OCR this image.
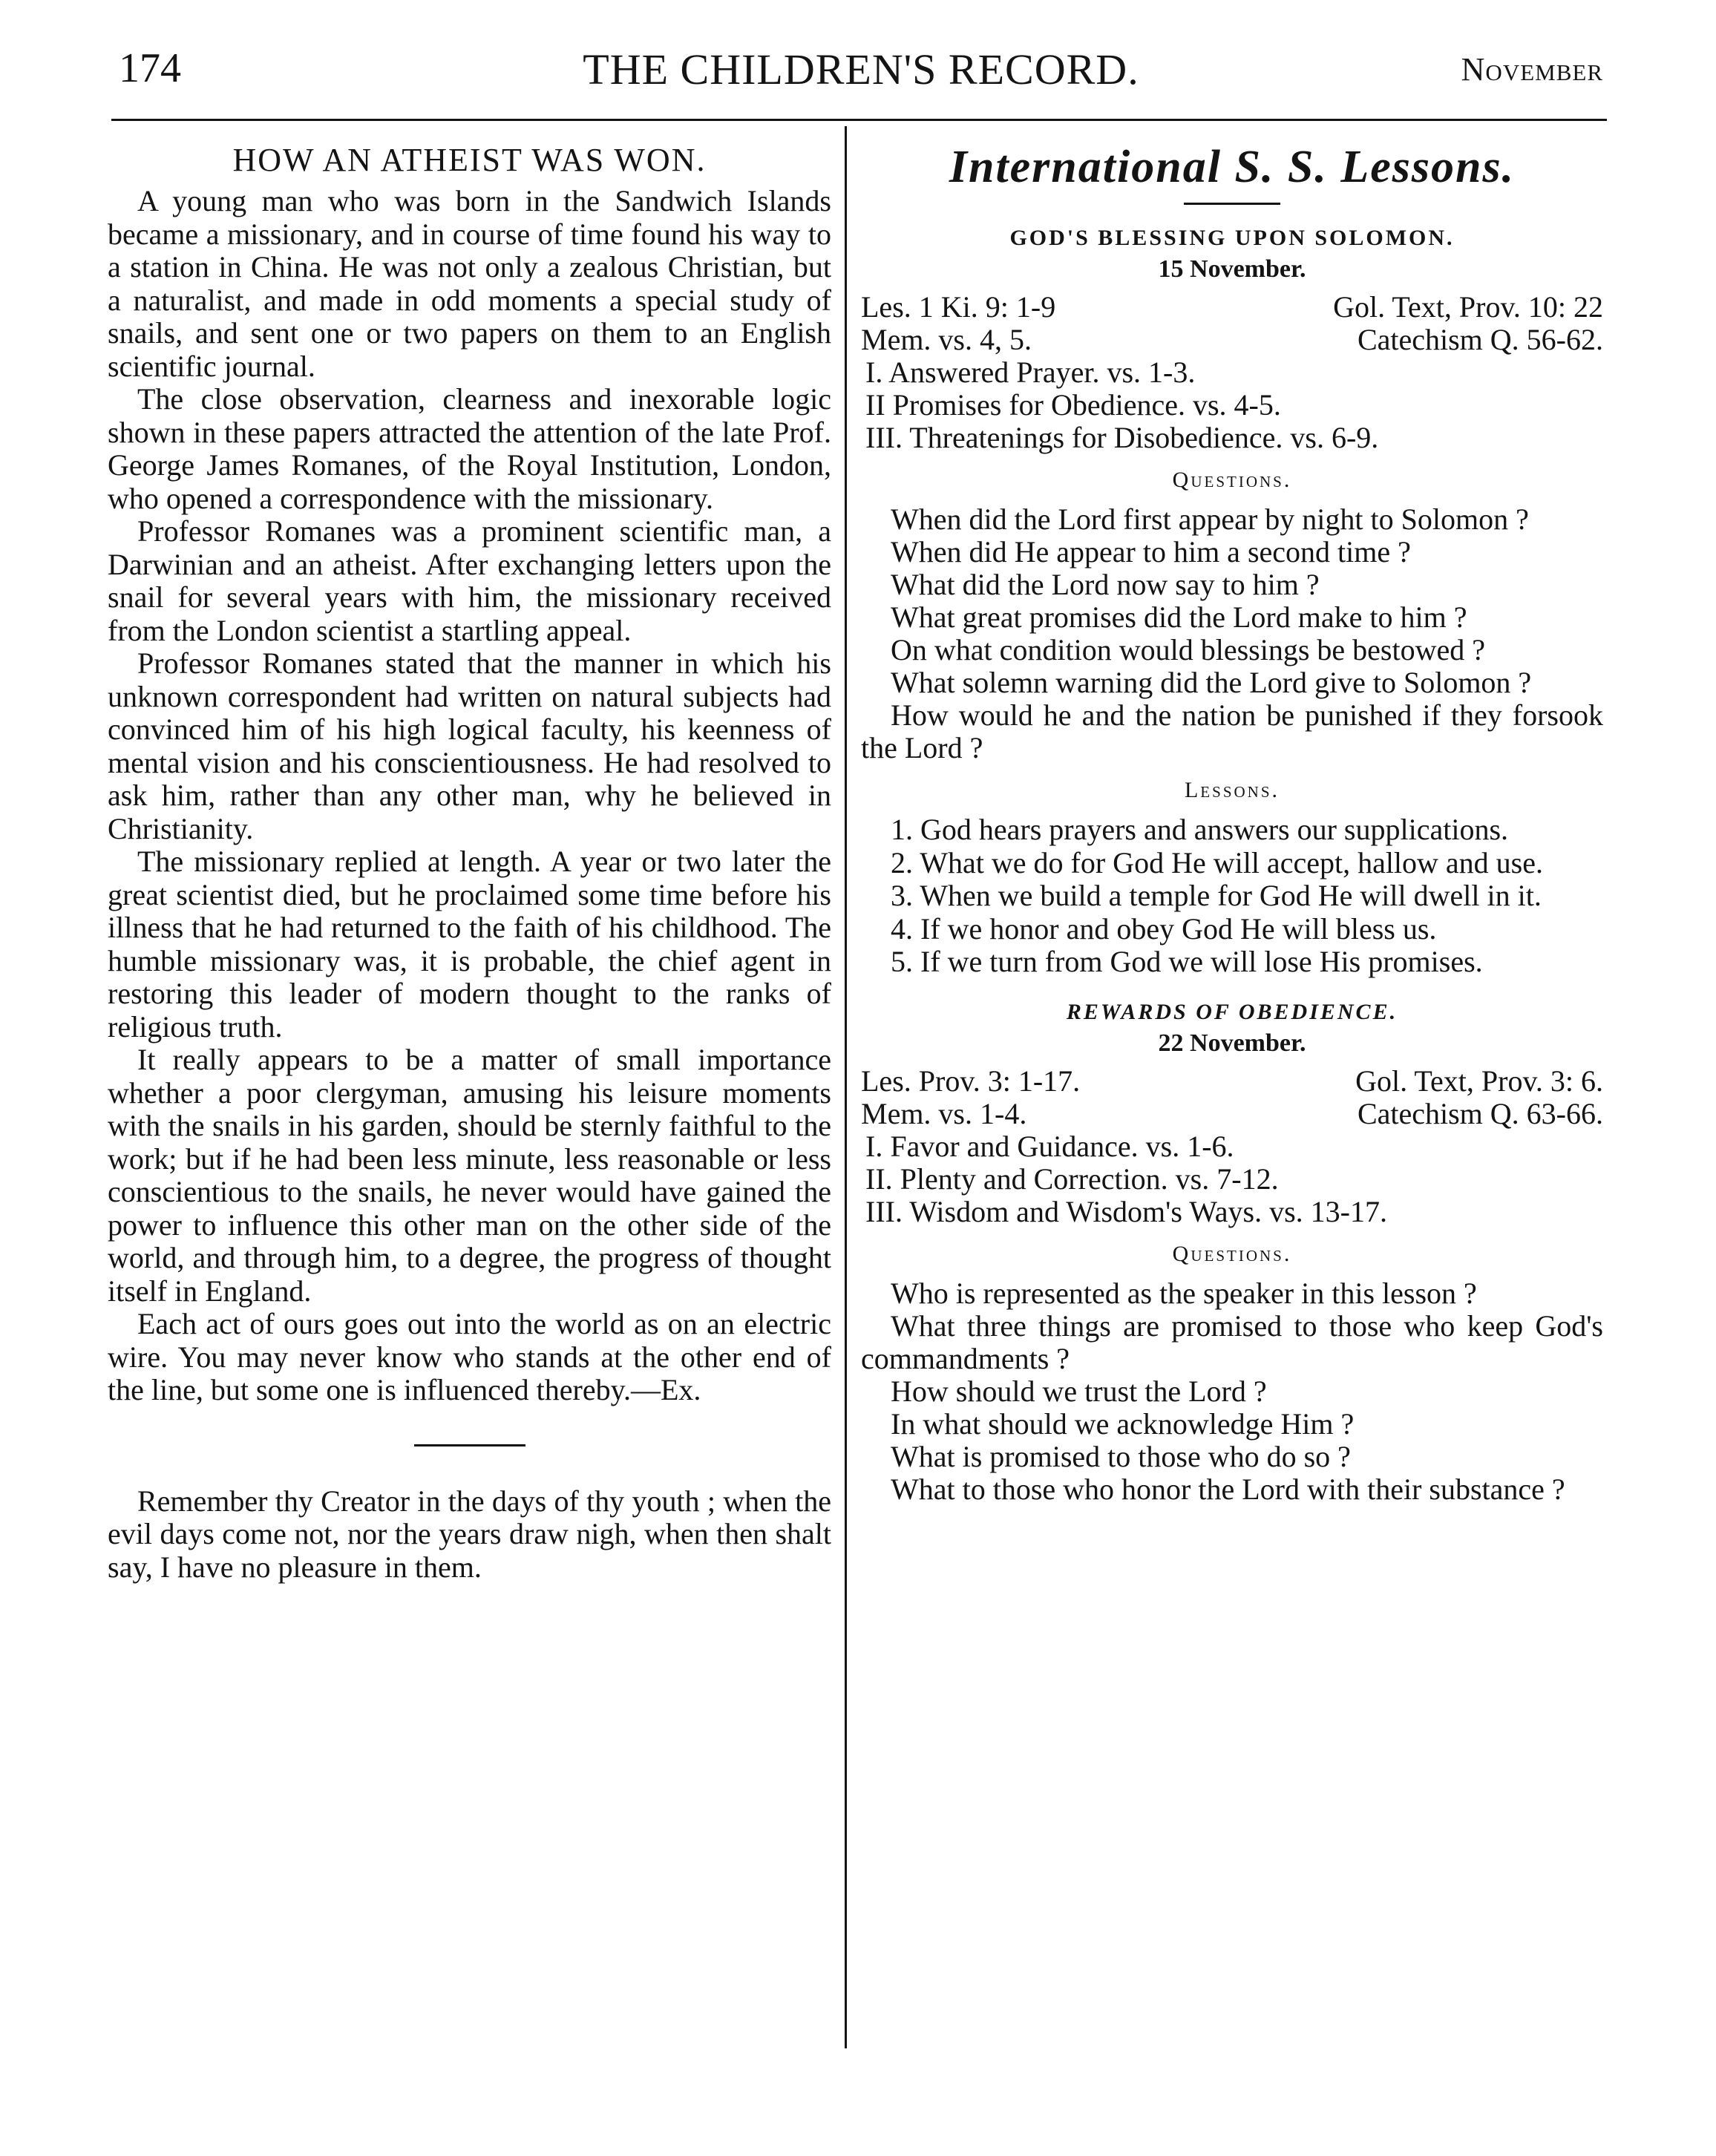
174	THE CHILDREN'S RECORD.	November
HOW AN ATHEIST WAS WON.

A young man who was born in the Sandwich Islands became a missionary, and in course of time found his way to a station in China. He was not only a zealous Christian, but a naturalist, and made in odd moments a special study of snails, and sent one or two papers on them to an English scientific journal.

The close observation, clearness and inexorable logic shown in these papers attracted the attention of the late Prof. George James Romanes, of the Royal Institution, London, who opened a correspondence with the missionary.

Professor Romanes was a prominent scientific man, a Darwinian and an atheist. After exchanging letters upon the snail for several years with him, the missionary received from the London scientist a startling appeal.

Professor Romanes stated that the manner in which his unknown correspondent had written on natural subjects had convinced him of his high logical faculty, his keenness of mental vision and his conscientiousness. He had resolved to ask him, rather than any other man, why he believed in Christianity.

The missionary replied at length. A year or two later the great scientist died, but he proclaimed some time before his illness that he had returned to the faith of his childhood. The humble missionary was, it is probable, the chief agent in restoring this leader of modern thought to the ranks of religious truth.

It really appears to be a matter of small importance whether a poor clergyman, amusing his leisure moments with the snails in his garden, should be sternly faithful to the work; but if he had been less minute, less reasonable or less conscientious to the snails, he never would have gained the power to influence this other man on the other side of the world, and through him, to a degree, the progress of thought itself in England.

Each act of ours goes out into the world as on an electric wire. You may never know who stands at the other end of the line, but some one is influenced thereby.—Ex.

Remember thy Creator in the days of thy youth ; when the evil days come not, nor the years draw nigh, when then shalt say, I have no pleasure in them.

International S. S. Lessons.
GOD'S BLESSING UPON SOLOMON.
15 November.
Les. 1 Ki. 9: 1-9	Gol. Text, Prov. 10: 22
Mem. vs. 4, 5.	Catechism Q. 56-62.
I. Answered Prayer. vs. 1-3.
II Promises for Obedience. vs. 4-5.
III. Threatenings for Disobedience. vs. 6-9.
Questions.

When did the Lord first appear by night to Solomon ?

When did He appear to him a second time ?

What did the Lord now say to him ?

What great promises did the Lord make to him ?

On what condition would blessings be bestowed ?

What solemn warning did the Lord give to Solomon ?

How would he and the nation be punished if they forsook the Lord ?

Lessons.

1. God hears prayers and answers our supplications.

2. What we do for God He will accept, hallow and use.

3. When we build a temple for God He will dwell in it.

4. If we honor and obey God He will bless us.

5. If we turn from God we will lose His promises.

REWARDS OF OBEDIENCE.
22 November.
Les. Prov. 3: 1-17.	Gol. Text, Prov. 3: 6.
Mem. vs. 1-4.	Catechism Q. 63-66.
I. Favor and Guidance. vs. 1-6.
II. Plenty and Correction. vs. 7-12.
III. Wisdom and Wisdom's Ways. vs. 13-17.
Questions.

Who is represented as the speaker in this lesson ?

What three things are promised to those who keep God's commandments ?

How should we trust the Lord ?

In what should we acknowledge Him ?

What is promised to those who do so ?

What to those who honor the Lord with their substance ?
